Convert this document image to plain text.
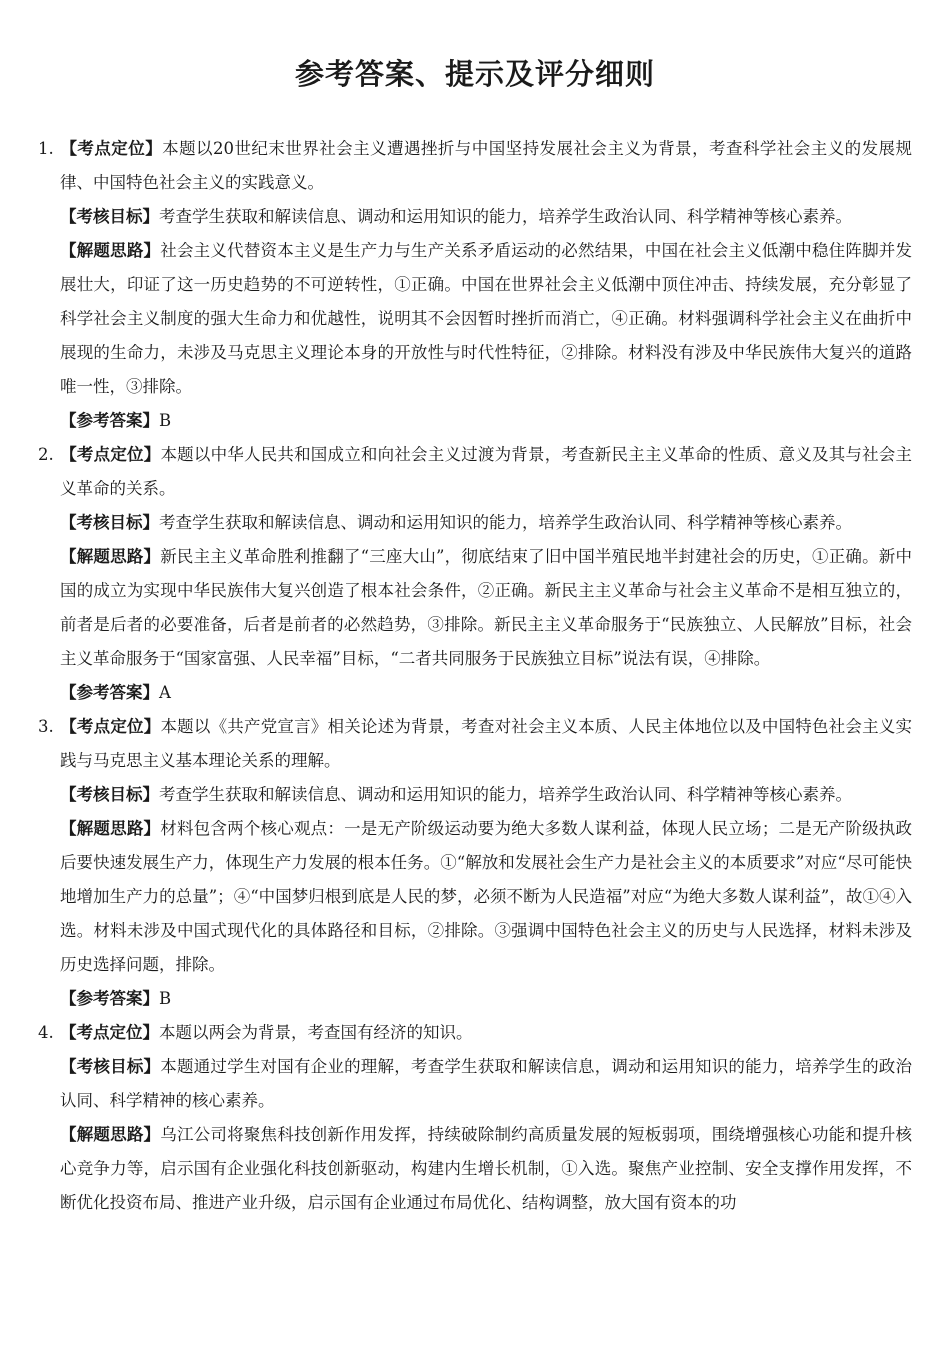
参考答案、提示及评分细则

1. 【考点定位】本题以20世纪末世界社会主义遭遇挫折与中国坚持发展社会主义为背景，考查科学社会主义的发展规律、中国特色社会主义的实践意义。

【考核目标】考查学生获取和解读信息、调动和运用知识的能力，培养学生政治认同、科学精神等核心素养。

【解题思路】社会主义代替资本主义是生产力与生产关系矛盾运动的必然结果，中国在社会主义低潮中稳住阵脚并发展壮大，印证了这一历史趋势的不可逆转性，①正确。中国在世界社会主义低潮中顶住冲击、持续发展，充分彰显了科学社会主义制度的强大生命力和优越性，说明其不会因暂时挫折而消亡，④正确。材料强调科学社会主义在曲折中展现的生命力，未涉及马克思主义理论本身的开放性与时代性特征，②排除。材料没有涉及中华民族伟大复兴的道路唯一性，③排除。

【参考答案】B

2. 【考点定位】本题以中华人民共和国成立和向社会主义过渡为背景，考查新民主主义革命的性质、意义及其与社会主义革命的关系。

【考核目标】考查学生获取和解读信息、调动和运用知识的能力，培养学生政治认同、科学精神等核心素养。

【解题思路】新民主主义革命胜利推翻了“三座大山”，彻底结束了旧中国半殖民地半封建社会的历史，①正确。新中国的成立为实现中华民族伟大复兴创造了根本社会条件，②正确。新民主主义革命与社会主义革命不是相互独立的，前者是后者的必要准备，后者是前者的必然趋势，③排除。新民主主义革命服务于“民族独立、人民解放”目标，社会主义革命服务于“国家富强、人民幸福”目标，“二者共同服务于民族独立目标”说法有误，④排除。

【参考答案】A

3. 【考点定位】本题以《共产党宣言》相关论述为背景，考查对社会主义本质、人民主体地位以及中国特色社会主义实践与马克思主义基本理论关系的理解。

【考核目标】考查学生获取和解读信息、调动和运用知识的能力，培养学生政治认同、科学精神等核心素养。

【解题思路】材料包含两个核心观点：一是无产阶级运动要为绝大多数人谋利益，体现人民立场；二是无产阶级执政后要快速发展生产力，体现生产力发展的根本任务。①“解放和发展社会生产力是社会主义的本质要求”对应“尽可能快地增加生产力的总量”；④“中国梦归根到底是人民的梦，必须不断为人民造福”对应“为绝大多数人谋利益”，故①④入选。材料未涉及中国式现代化的具体路径和目标，②排除。③强调中国特色社会主义的历史与人民选择，材料未涉及历史选择问题，排除。

【参考答案】B

4. 【考点定位】本题以两会为背景，考查国有经济的知识。

【考核目标】本题通过学生对国有企业的理解，考查学生获取和解读信息，调动和运用知识的能力，培养学生的政治认同、科学精神的核心素养。

【解题思路】乌江公司将聚焦科技创新作用发挥，持续破除制约高质量发展的短板弱项，围绕增强核心功能和提升核心竞争力等，启示国有企业强化科技创新驱动，构建内生增长机制，①入选。聚焦产业控制、安全支撑作用发挥，不断优化投资布局、推进产业升级，启示国有企业通过布局优化、结构调整，放大国有资本的功
